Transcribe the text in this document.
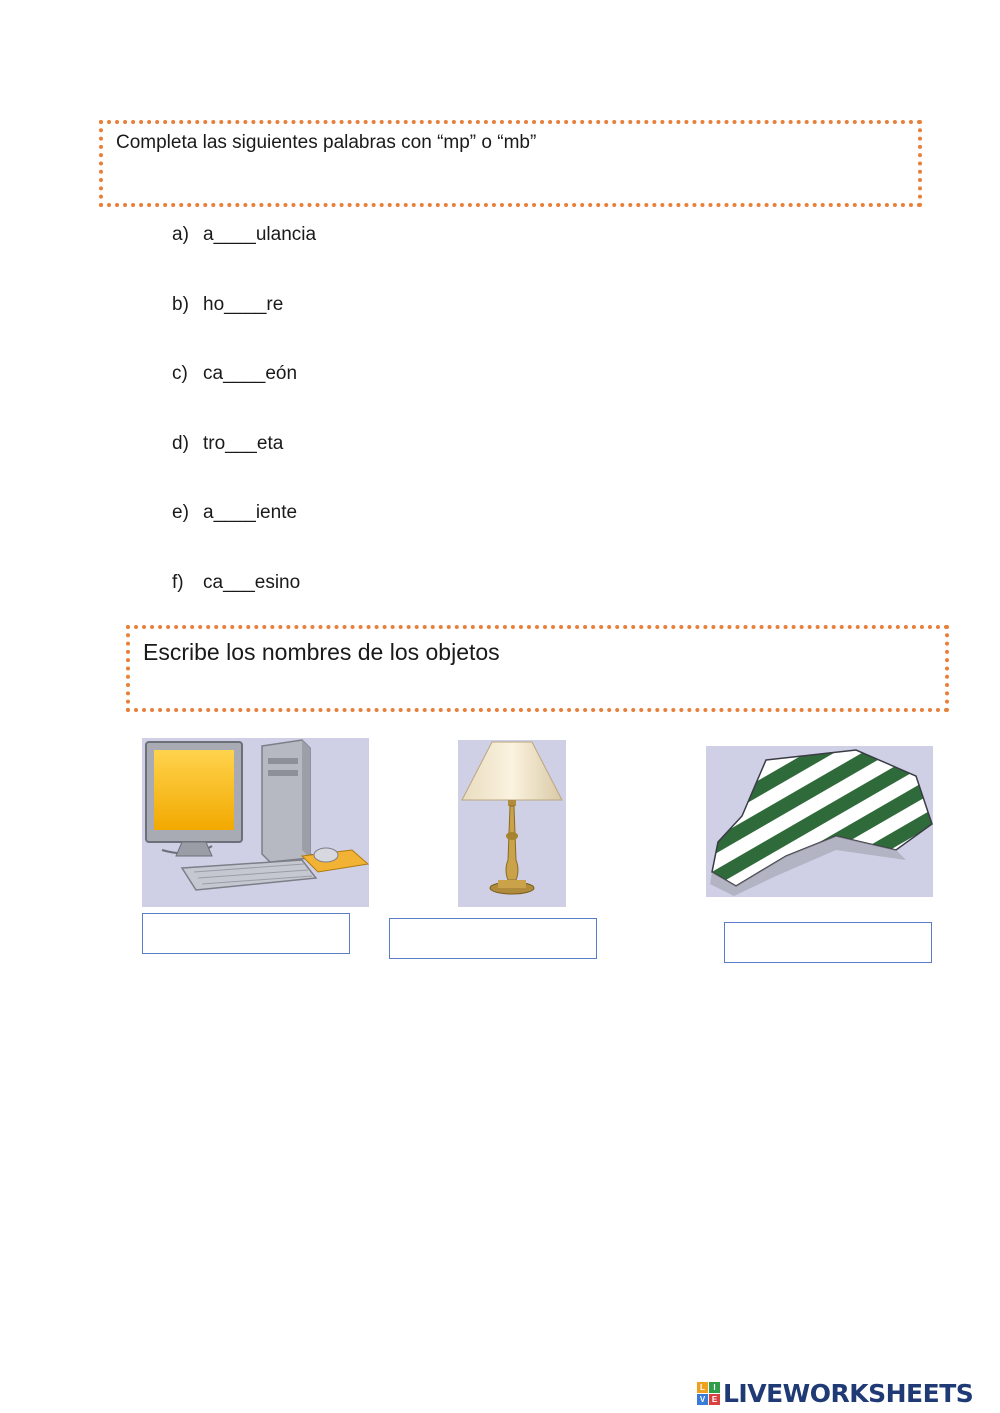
Completa las siguientes palabras con “mp” o “mb”
a) a____ulancia
b) ho____re
c) ca____eón
d) tro___eta
e) a____iente
f)	ca___esino
Escribe los nombres de los objetos
L	I
V E LIVEWORKSHEETS
